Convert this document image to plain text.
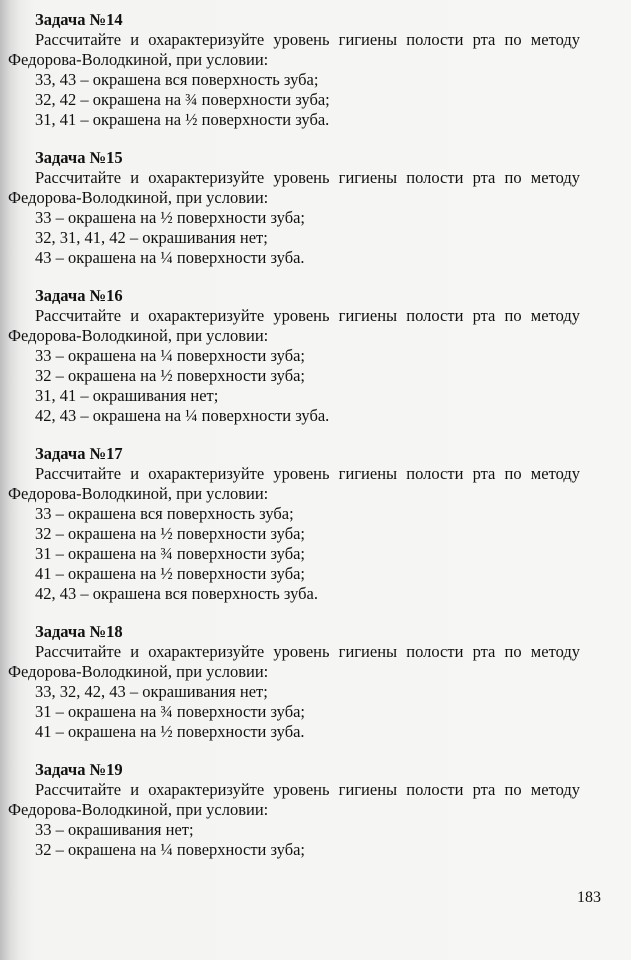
Задача №14

Рассчитайте и охарактеризуйте уровень гигиены полости рта по методу Федорова-Володкиной, при условии:

33, 43 – окрашена вся поверхность зуба;
32, 42 – окрашена на ¾ поверхности зуба;
31, 41 – окрашена на ½ поверхности зуба.
Задача №15

Рассчитайте и охарактеризуйте уровень гигиены полости рта по методу Федорова-Володкиной, при условии:

33 – окрашена на ½ поверхности зуба;
32, 31, 41, 42 – окрашивания нет;
43 – окрашена на ¼ поверхности зуба.
Задача №16

Рассчитайте и охарактеризуйте уровень гигиены полости рта по методу Федорова-Володкиной, при условии:

33 – окрашена на ¼ поверхности зуба;
32 – окрашена на ½ поверхности зуба;
31, 41 – окрашивания нет;
42, 43 – окрашена на ¼ поверхности зуба.
Задача №17

Рассчитайте и охарактеризуйте уровень гигиены полости рта по методу Федорова-Володкиной, при условии:

33 – окрашена вся поверхность зуба;
32 – окрашена на ½ поверхности зуба;
31 – окрашена на ¾ поверхности зуба;
41 – окрашена на ½ поверхности зуба;
42, 43 – окрашена вся поверхность зуба.
Задача №18

Рассчитайте и охарактеризуйте уровень гигиены полости рта по методу Федорова-Володкиной, при условии:

33, 32, 42, 43 – окрашивания нет;
31 – окрашена на ¾ поверхности зуба;
41 – окрашена на ½ поверхности зуба.
Задача №19

Рассчитайте и охарактеризуйте уровень гигиены полости рта по методу Федорова-Володкиной, при условии:

33 – окрашивания нет;
32 – окрашена на ¼ поверхности зуба;
183
